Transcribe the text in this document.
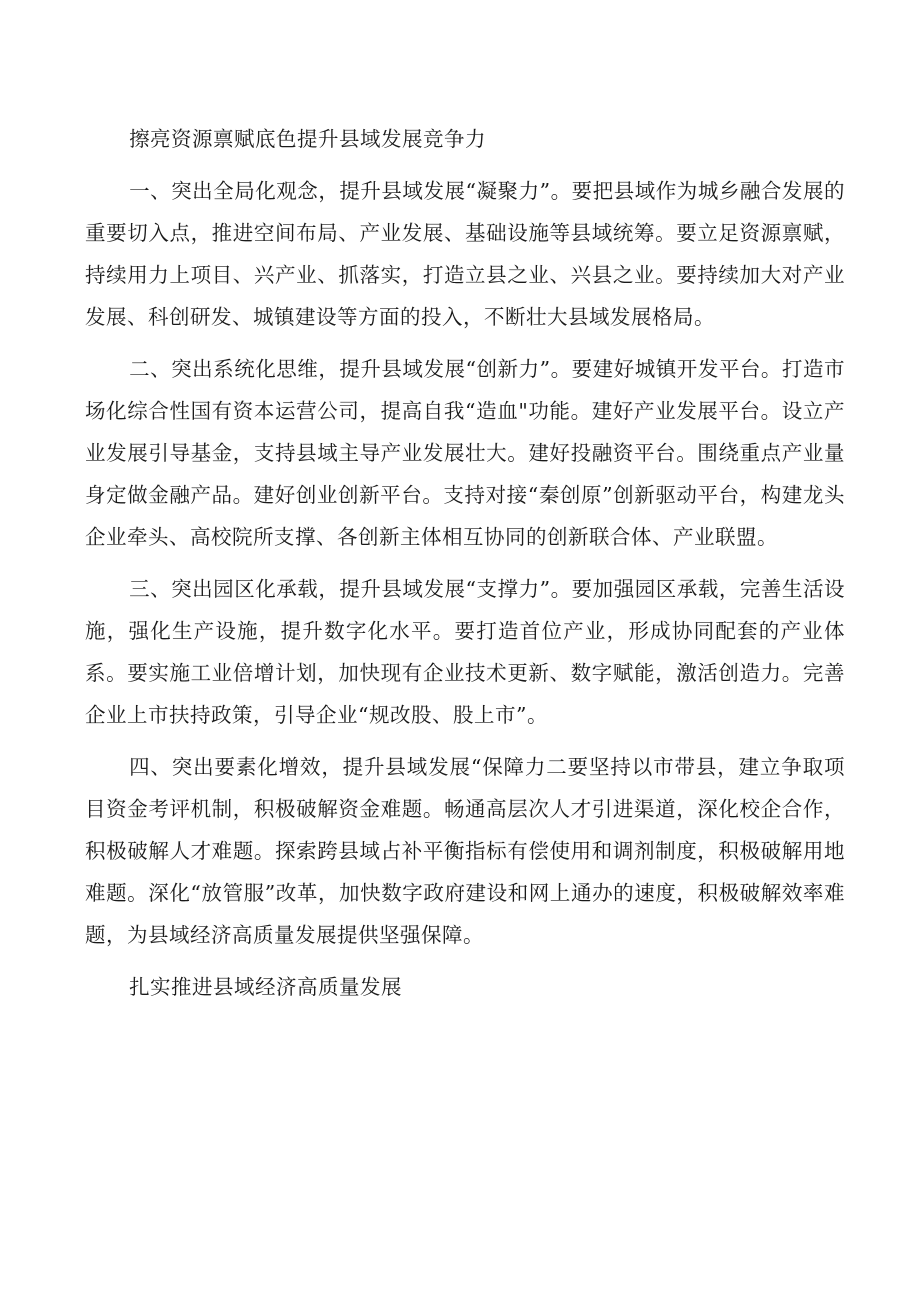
擦亮资源禀赋底色提升县域发展竞争力

一、突出全局化观念，提升县域发展“凝聚力”。要把县域作为城乡融合发展的重要切入点，推进空间布局、产业发展、基础设施等县域统筹。要立足资源禀赋，持续用力上项目、兴产业、抓落实，打造立县之业、兴县之业。要持续加大对产业发展、科创研发、城镇建设等方面的投入，不断壮大县域发展格局。

二、突出系统化思维，提升县域发展“创新力”。要建好城镇开发平台。打造市场化综合性国有资本运营公司，提高自我“造血"功能。建好产业发展平台。设立产业发展引导基金，支持县域主导产业发展壮大。建好投融资平台。围绕重点产业量身定做金融产品。建好创业创新平台。支持对接“秦创原”创新驱动平台，构建龙头企业牵头、高校院所支撑、各创新主体相互协同的创新联合体、产业联盟。

三、突出园区化承载，提升县域发展“支撑力”。要加强园区承载，完善生活设施，强化生产设施，提升数字化水平。要打造首位产业，形成协同配套的产业体系。要实施工业倍增计划，加快现有企业技术更新、数字赋能，激活创造力。完善企业上市扶持政策，引导企业“规改股、股上市”。

四、突出要素化增效，提升县域发展“保障力二要坚持以市带县，建立争取项目资金考评机制，积极破解资金难题。畅通高层次人才引进渠道，深化校企合作，积极破解人才难题。探索跨县域占补平衡指标有偿使用和调剂制度，积极破解用地难题。深化“放管服”改革，加快数字政府建设和网上通办的速度，积极破解效率难题，为县域经济高质量发展提供坚强保障。

扎实推进县域经济高质量发展
